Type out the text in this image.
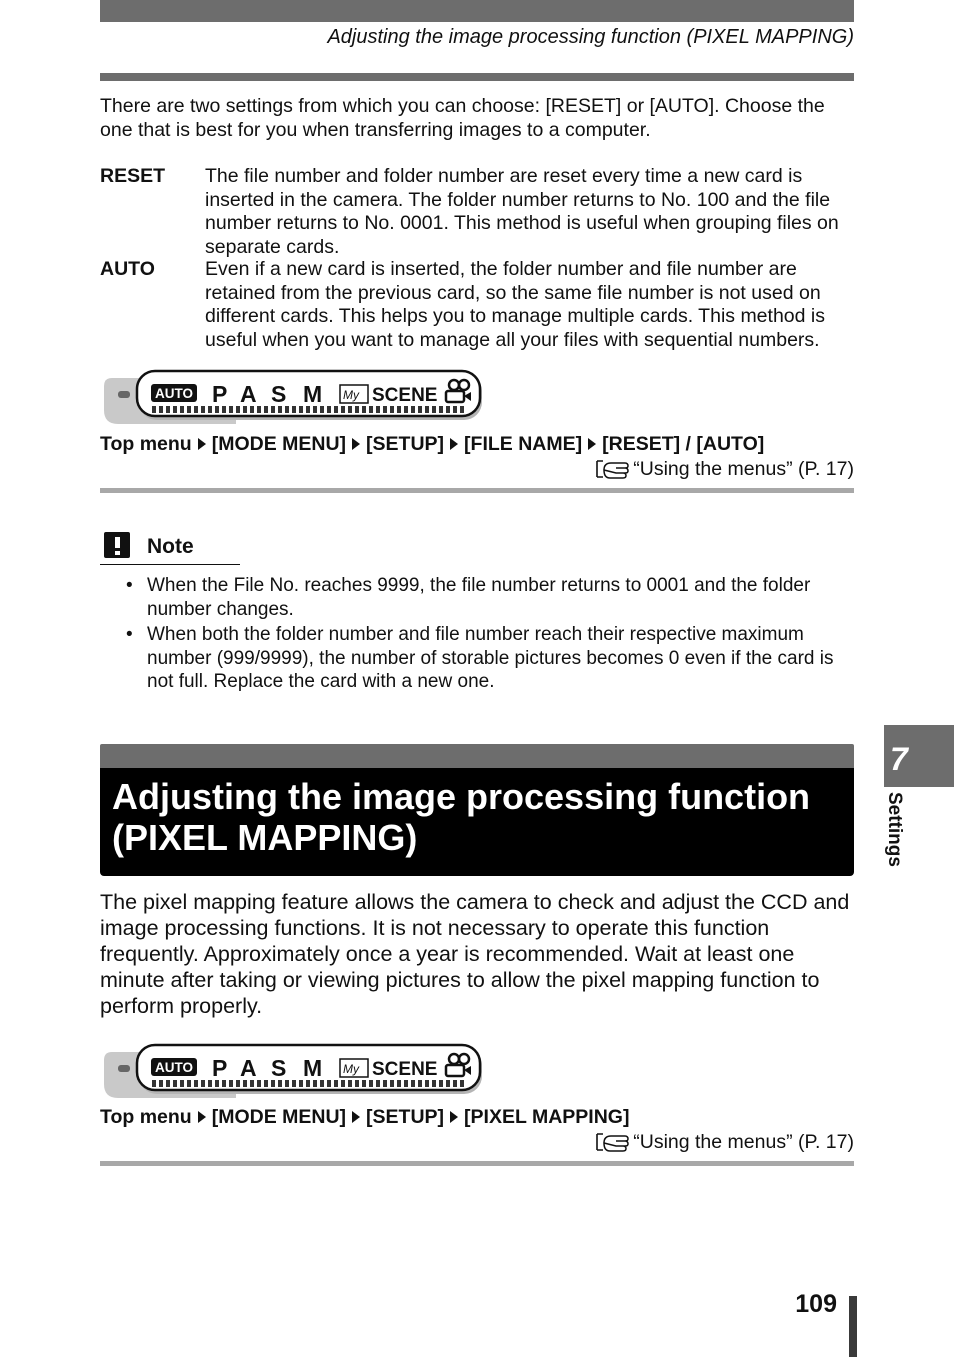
Adjusting the image processing function (PIXEL MAPPING)
There are two settings from which you can choose: [RESET] or [AUTO]. Choose the one that is best for you when transferring images to a computer.
RESET The file number and folder number are reset every time a new card is inserted in the camera. The folder number returns to No. 100 and the file number returns to No. 0001. This method is useful when grouping files on separate cards.
AUTO	Even if a new card is inserted, the folder number and file number are retained from the previous card, so the same file number is not used on different cards. This helps you to manage multiple cards. This method is useful when you want to manage all your files with sequential numbers.
AUTO P A S M My SCENE
Top menu [MODE MENU] [SETUP] [FILE NAME] [RESET] / [AUTO]
“Using the menus” (P. 17)
Note
• When the File No. reaches 9999, the file number returns to 0001 and the folder number changes.
• When both the folder number and file number reach their respective maximum number (999/9999), the number of storable pictures becomes 0 even if the card is not full. Replace the card with a new one.
Adjusting the image processing function (PIXEL MAPPING)
The pixel mapping feature allows the camera to check and adjust the CCD and image processing functions. It is not necessary to operate this function frequently. Approximately once a year is recommended. Wait at least one minute after taking or viewing pictures to allow the pixel mapping function to perform properly.
AUTO P A S M My SCENE
Top menu [MODE MENU] [SETUP] [PIXEL MAPPING]
“Using the menus” (P. 17)
7
Settings
109
